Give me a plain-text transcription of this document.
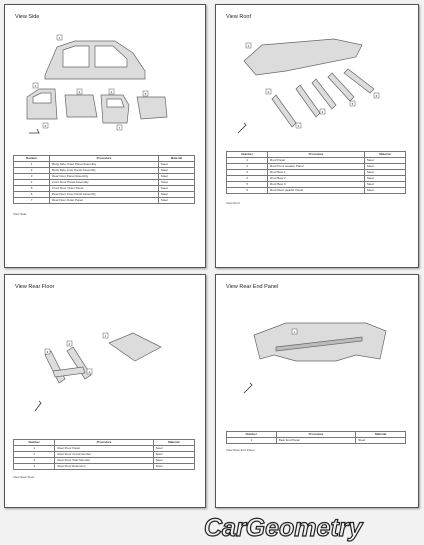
View Side
1
2
3	4	5
6	7
Number	Procedure	Material
1	Body Side Outer Panel Assembly	Steel
2	Body Side Inner Panel Assembly	Steel
3	Rear Door Panel Assembly	Steel
4	Front Door Panel Assembly	Steel
5	Front Door Outer Panel	Steel
6	Rear Door Inner Panel Assembly	Steel
7	Rear Door Outer Panel	Steel
View Side
View Roof
1
2
3
4
5
6
Number	Procedure	Material
1	Roof Panel	Steel
2	Roof Front Header Panel	Steel
3	Roof Bow 1	Steel
4	Roof Bow 2	Steel
5	Roof Bow 3	Steel
6	Roof Rear Header Panel	Steel
View Roof
View Rear Floor
1
2
3
4
Number	Procedure	Material
1	Rear Floor Panel	Steel
2	Rear Floor Crossmember	Steel
3	Rear Floor Side Member	Steel
4	Rear Floor Extension	Steel
View Rear Floor
View Rear End Panel
1
Number	Procedure	Material
1	Rear End Panel	Steel
View Rear End Panel
CarGeometry
